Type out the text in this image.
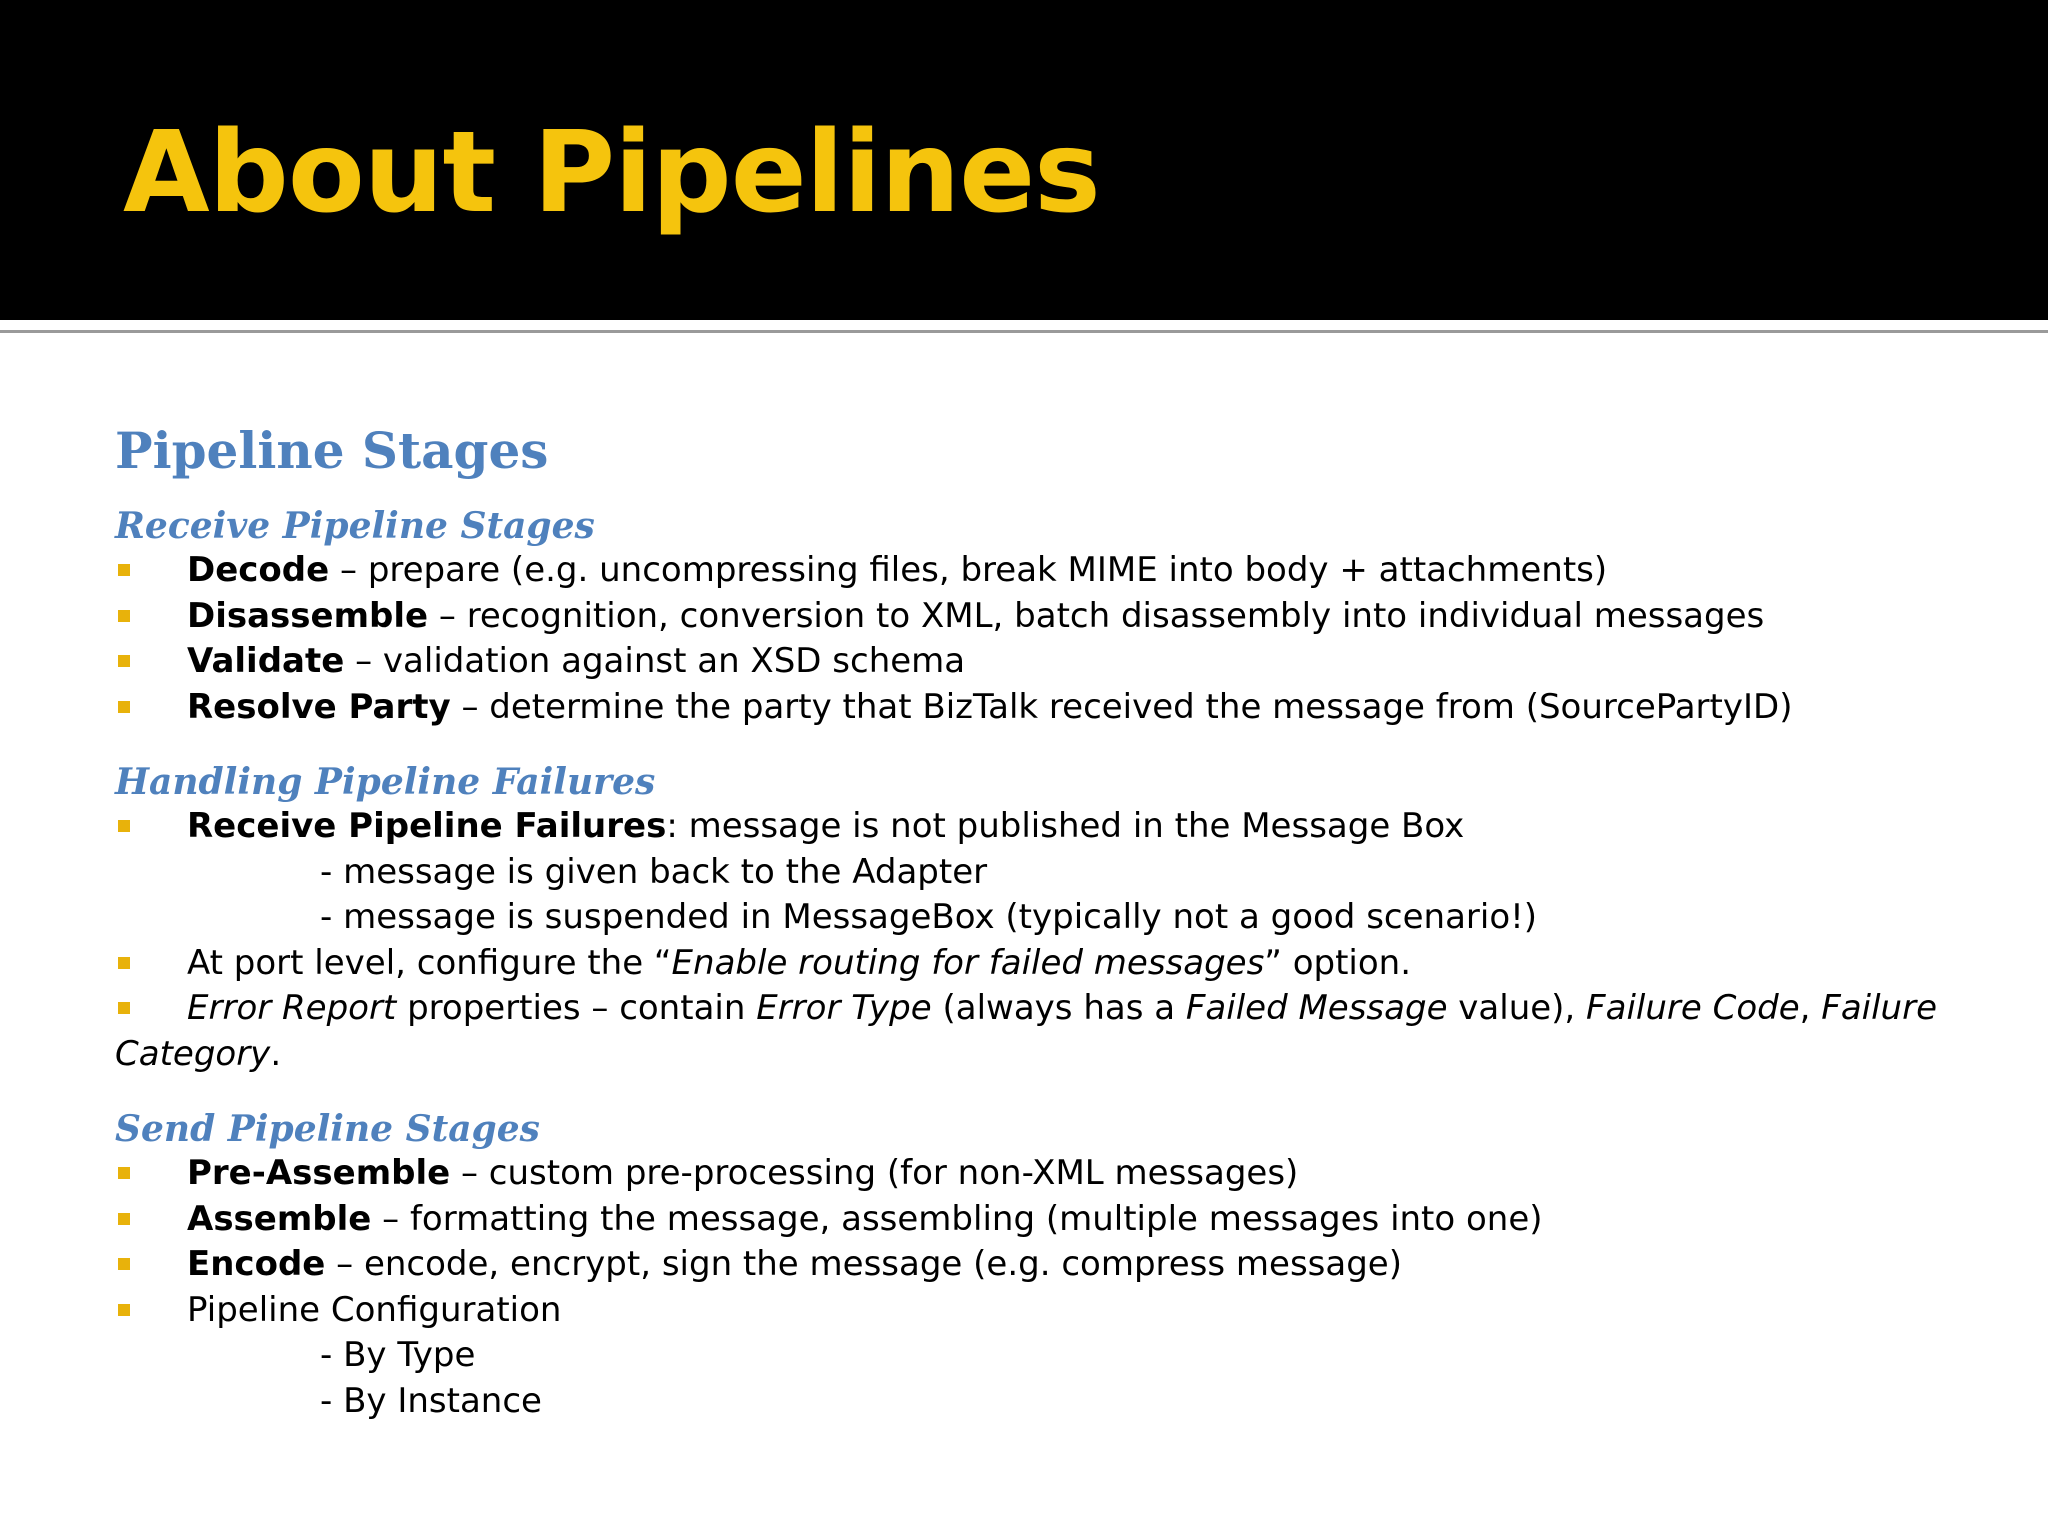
About Pipelines
Pipeline Stages
Receive Pipeline Stages
Decode – prepare (e.g. uncompressing files, break MIME into body + attachments)
Disassemble – recognition, conversion to XML, batch disassembly into individual messages
Validate – validation against an XSD schema
Resolve Party – determine the party that BizTalk received the message from (SourcePartyID)
Handling Pipeline Failures
Receive Pipeline Failures: message is not published in the Message Box
- message is given back to the Adapter
- message is suspended in MessageBox (typically not a good scenario!)
At port level, configure the “Enable routing for failed messages” option.
Error Report properties – contain Error Type (always has a Failed Message value), Failure Code, Failure Category.
Send Pipeline Stages
Pre-Assemble – custom pre-processing (for non-XML messages)
Assemble – formatting the message, assembling (multiple messages into one)
Encode – encode, encrypt, sign the message (e.g. compress message)
Pipeline Configuration
- By Type
- By Instance
